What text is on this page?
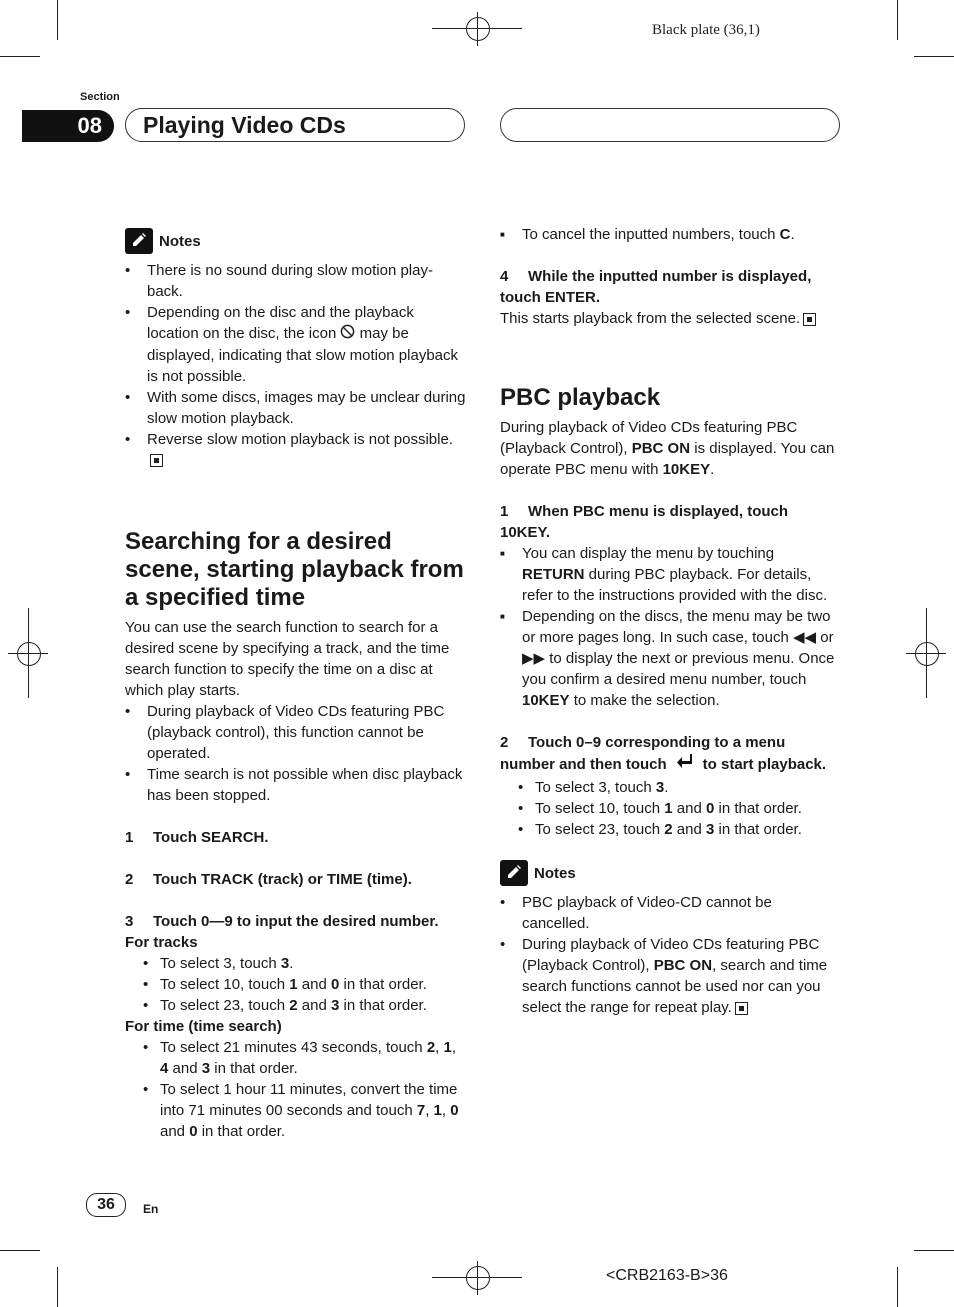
Black plate (36,1)
Section
08	Playing Video CDs
Notes
• There is no sound during slow motion play-back.
• Depending on the disc and the playback location on the disc, the icon may be displayed, indicating that slow motion playback is not possible.
• With some discs, images may be unclear during slow motion playback.
• Reverse slow motion playback is not possible.

Searching for a desired scene, starting playback from a specified time

You can use the search function to search for a desired scene by specifying a track, and the time search function to specify the time on a disc at which play starts.

• During playback of Video CDs featuring PBC (playback control), this function cannot be operated.
• Time search is not possible when disc playback has been stopped.

1 Touch SEARCH.

2 Touch TRACK (track) or TIME (time).

3 Touch 0—9 to input the desired number.

For tracks

• To select 3, touch 3.
• To select 10, touch 1 and 0 in that order.
• To select 23, touch 2 and 3 in that order.

For time (time search)

• To select 21 minutes 43 seconds, touch 2, 1, 4 and 3 in that order.
• To select 1 hour 11 minutes, convert the time into 71 minutes 00 seconds and touch 7, 1, 0 and 0 in that order.
■ To cancel the inputted numbers, touch C.

4 While the inputted number is displayed, touch ENTER.

This starts playback from the selected scene.

PBC playback

During playback of Video CDs featuring PBC (Playback Control), PBC ON is displayed. You can operate PBC menu with 10KEY.

1 When PBC menu is displayed, touch 10KEY.

■ You can display the menu by touching RETURN during PBC playback. For details, refer to the instructions provided with the disc.
■ Depending on the discs, the menu may be two or more pages long. In such case, touch ◀◀ or ▶▶ to display the next or previous menu. Once you confirm a desired menu number, touch 10KEY to make the selection.

2 Touch 0–9 corresponding to a menu number and then touch to start playback.

• To select 3, touch 3.
• To select 10, touch 1 and 0 in that order.
• To select 23, touch 2 and 3 in that order.
Notes
• PBC playback of Video-CD cannot be cancelled.
• During playback of Video CDs featuring PBC (Playback Control), PBC ON, search and time search functions cannot be used nor can you select the range for repeat play.
36	En
<CRB2163-B>36
